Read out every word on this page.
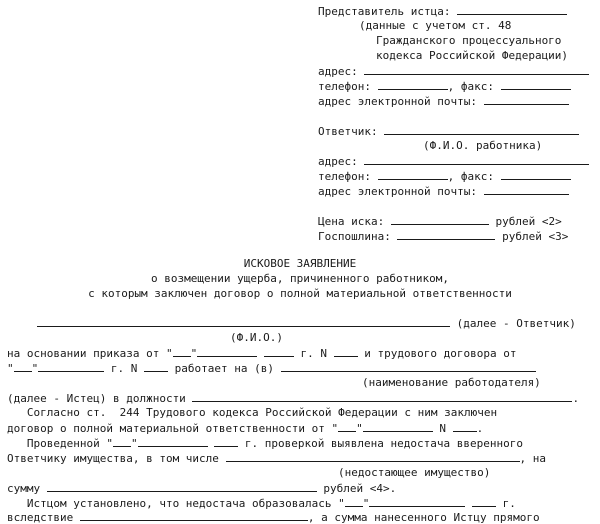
Представитель истца:
(данные с учетом ст. 48
Гражданского процессуального
кодекса Российской Федерации)
адрес:
телефон:	, факс:
адрес электронной почты:
Ответчик:
(Ф.И.О. работника)
адрес:
телефон:	, факс:
адрес электронной почты:
Цена иска:	рублей <2>
Госпошлина:	рублей <3>
ИСКОВОЕ ЗАЯВЛЕНИЕ
о возмещении ущерба, причиненного работником,
с которым заключен договор о полной материальной ответственности
(далее - Ответчик)
(Ф.И.О.)
на основании приказа от " "	г. N	и трудового договора от
" "	г. N	работает на (в)
(наименование работодателя)
(далее - Истец) в должности	.
Согласно ст.  244 Трудового кодекса Российской Федерации с ним заключен
договор о полной материальной ответственности от " "	N	.
Проведенной " "	г. проверкой выявлена недостача вверенного
Ответчику имущества, в том числе	, на
(недостающее имущество)
сумму	рублей <4>.
Истцом установлено, что недостача образовалась " "	г.
вследствие	, а сумма нанесенного Истцу прямого
